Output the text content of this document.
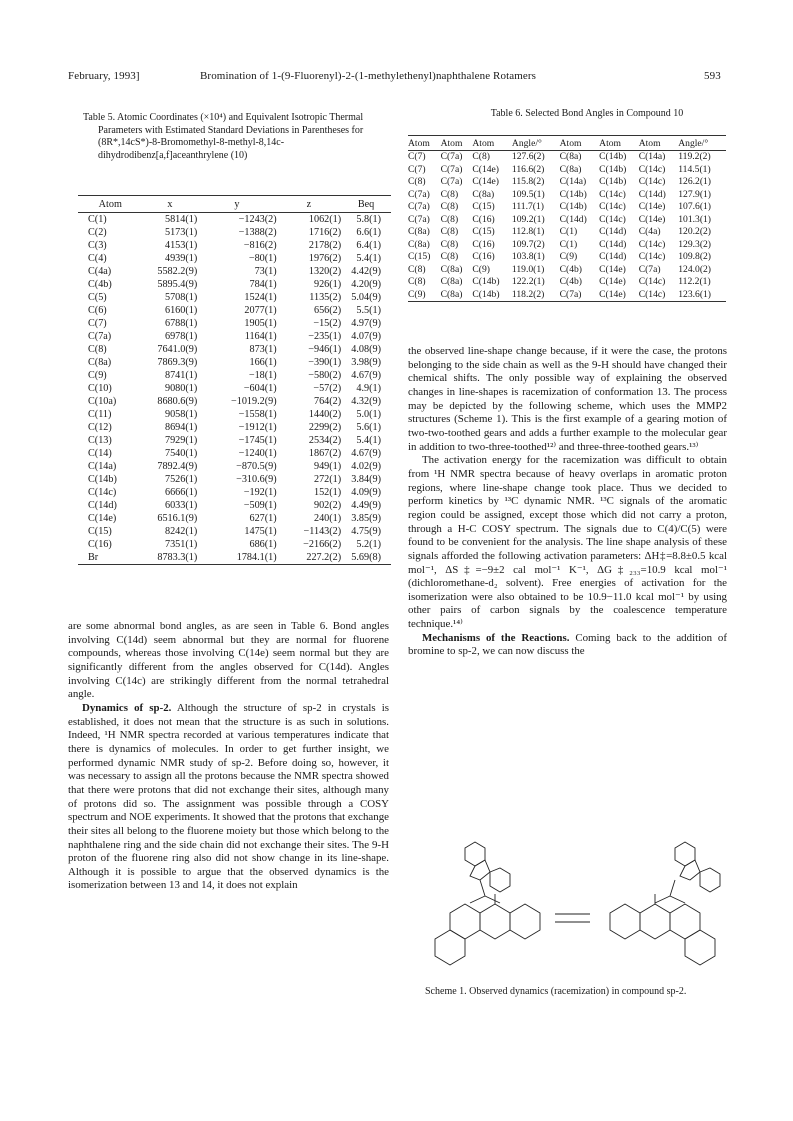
February, 1993]	Bromination of 1-(9-Fluorenyl)-2-(1-methylethenyl)naphthalene Rotamers	593
Table 5. Atomic Coordinates (×10⁴) and Equivalent Isotropic Thermal Parameters with Estimated Standard Deviations in Parentheses for (8R*,14cS*)-8-Bromomethyl-8-methyl-8,14c-dihydrodibenz[a,f]aceanthrylene (10)
Atom	x	y	z	Beq
C(1)	5814(1)	−1243(2)	1062(1)	5.8(1)
C(2)	5173(1)	−1388(2)	1716(2)	6.6(1)
C(3)	4153(1)	−816(2)	2178(2)	6.4(1)
C(4)	4939(1)	−80(1)	1976(2)	5.4(1)
C(4a)	5582.2(9)	73(1)	1320(2)	4.42(9)
C(4b)	5895.4(9)	784(1)	926(1)	4.20(9)
C(5)	5708(1)	1524(1)	1135(2)	5.04(9)
C(6)	6160(1)	2077(1)	656(2)	5.5(1)
C(7)	6788(1)	1905(1)	−15(2)	4.97(9)
C(7a)	6978(1)	1164(1)	−235(1)	4.07(9)
C(8)	7641.0(9)	873(1)	−946(1)	4.08(9)
C(8a)	7869.3(9)	166(1)	−390(1)	3.98(9)
C(9)	8741(1)	−18(1)	−580(2)	4.67(9)
C(10)	9080(1)	−604(1)	−57(2)	4.9(1)
C(10a)	8680.6(9)	−1019.2(9)	764(2)	4.32(9)
C(11)	9058(1)	−1558(1)	1440(2)	5.0(1)
C(12)	8694(1)	−1912(1)	2299(2)	5.6(1)
C(13)	7929(1)	−1745(1)	2534(2)	5.4(1)
C(14)	7540(1)	−1240(1)	1867(2)	4.67(9)
C(14a)	7892.4(9)	−870.5(9)	949(1)	4.02(9)
C(14b)	7526(1)	−310.6(9)	272(1)	3.84(9)
C(14c)	6666(1)	−192(1)	152(1)	4.09(9)
C(14d)	6033(1)	−509(1)	902(2)	4.49(9)
C(14e)	6516.1(9)	627(1)	240(1)	3.85(9)
C(15)	8242(1)	1475(1)	−1143(2)	4.75(9)
C(16)	7351(1)	686(1)	−2166(2)	5.2(1)
Br	8783.3(1)	1784.1(1)	227.2(2)	5.69(8)
Table 6. Selected Bond Angles in Compound 10
Atom	Atom	Atom	Angle/°	Atom	Atom	Atom	Angle/°
C(7)	C(7a)	C(8)	127.6(2)	C(8a)	C(14b)	C(14a)	119.2(2)
C(7)	C(7a)	C(14e)	116.6(2)	C(8a)	C(14b)	C(14c)	114.5(1)
C(8)	C(7a)	C(14e)	115.8(2)	C(14a)	C(14b)	C(14c)	126.2(1)
C(7a)	C(8)	C(8a)	109.5(1)	C(14b)	C(14c)	C(14d)	127.9(1)
C(7a)	C(8)	C(15)	111.7(1)	C(14b)	C(14c)	C(14e)	107.6(1)
C(7a)	C(8)	C(16)	109.2(1)	C(14d)	C(14c)	C(14e)	101.3(1)
C(8a)	C(8)	C(15)	112.8(1)	C(1)	C(14d)	C(4a)	120.2(2)
C(8a)	C(8)	C(16)	109.7(2)	C(1)	C(14d)	C(14c)	129.3(2)
C(15)	C(8)	C(16)	103.8(1)	C(9)	C(14d)	C(14c)	109.8(2)
C(8)	C(8a)	C(9)	119.0(1)	C(4b)	C(14e)	C(7a)	124.0(2)
C(8)	C(8a)	C(14b)	122.2(1)	C(4b)	C(14e)	C(14c)	112.2(1)
C(9)	C(8a)	C(14b)	118.2(2)	C(7a)	C(14e)	C(14c)	123.6(1)

are some abnormal bond angles, as are seen in Table 6. Bond angles involving C(14d) seem abnormal but they are normal for fluorene compounds, whereas those involving C(14e) seem normal but they are significantly different from the angles observed for C(14d). Angles involving C(14c) are strikingly different from the normal tetrahedral angle.

Dynamics of sp-2. Although the structure of sp-2 in crystals is established, it does not mean that the structure is as such in solutions. Indeed, ¹H NMR spectra recorded at various temperatures indicate that there is dynamics of molecules. In order to get further insight, we performed dynamic NMR study of sp-2. Before doing so, however, it was necessary to assign all the protons because the NMR spectra showed that there were protons that did not exchange their sites, although many of protons did so. The assignment was possible through a COSY spectrum and NOE experiments. It showed that the protons that exchange their sites all belong to the fluorene moiety but those which belong to the naphthalene ring and the side chain did not exchange their sites. The 9-H proton of the fluorene ring also did not show change in its line-shape. Although it is possible to argue that the observed dynamics is the isomerization between 13 and 14, it does not explain

the observed line-shape change because, if it were the case, the protons belonging to the side chain as well as the 9-H should have changed their chemical shifts. The only possible way of explaining the observed changes in line-shapes is racemization of conformation 13. The process may be depicted by the following scheme, which uses the MMP2 structures (Scheme 1). This is the first example of a gearing motion of two-two-toothed gears and adds a further example to the molecular gear in addition to two-three-toothed¹²⁾ and three-three-toothed gears.¹³⁾

The activation energy for the racemization was difficult to obtain from ¹H NMR spectra because of heavy overlaps in aromatic proton regions, where line-shape change took place. Thus we decided to perform kinetics by ¹³C dynamic NMR. ¹³C signals of the aromatic region could be assigned, except those which did not carry a proton, through a H-C COSY spectrum. The signals due to C(4)/C(5) were found to be convenient for the analysis. The line shape analysis of these signals afforded the following activation parameters: ΔH‡=8.8±0.5 kcal mol⁻¹, ΔS‡=−9±2 cal mol⁻¹ K⁻¹, ΔG‡₂₃₃=10.9 kcal mol⁻¹ (dichloromethane-d₂ solvent). Free energies of activation for the isomerization were also obtained to be 10.9−11.0 kcal mol⁻¹ by using other pairs of carbon signals by the coalescence temperature technique.¹⁴⁾

Mechanisms of the Reactions. Coming back to the addition of bromine to sp-2, we can now discuss the

Scheme 1. Observed dynamics (racemization) in compound sp-2.
